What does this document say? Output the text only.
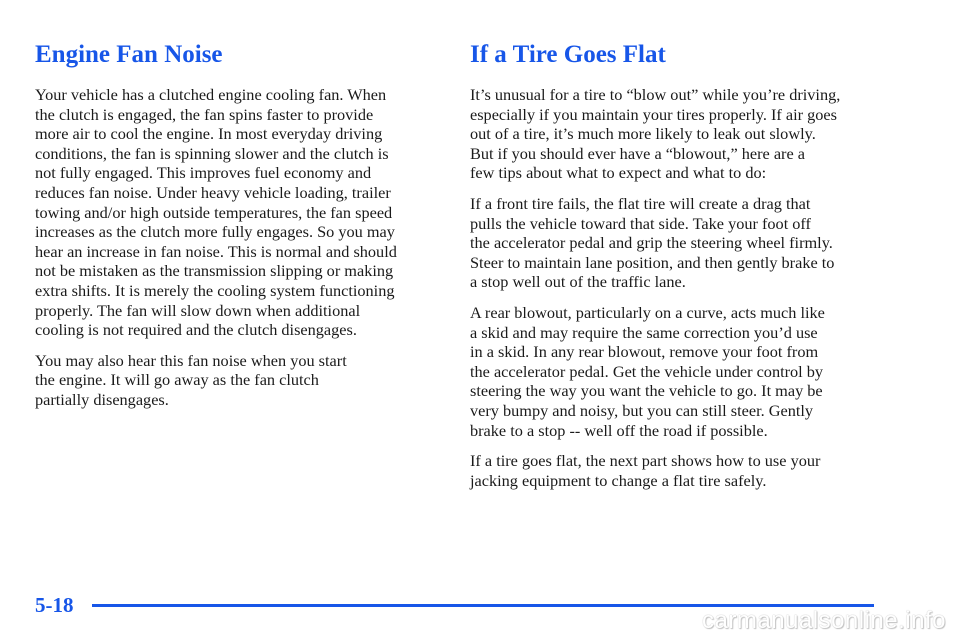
Engine Fan Noise

Your vehicle has a clutched engine cooling fan. When
the clutch is engaged, the fan spins faster to provide
more air to cool the engine. In most everyday driving
conditions, the fan is spinning slower and the clutch is
not fully engaged. This improves fuel economy and
reduces fan noise. Under heavy vehicle loading, trailer
towing and/or high outside temperatures, the fan speed
increases as the clutch more fully engages. So you may
hear an increase in fan noise. This is normal and should
not be mistaken as the transmission slipping or making
extra shifts. It is merely the cooling system functioning
properly. The fan will slow down when additional
cooling is not required and the clutch disengages.

You may also hear this fan noise when you start
the engine. It will go away as the fan clutch
partially disengages.

If a Tire Goes Flat

It’s unusual for a tire to “blow out” while you’re driving,
especially if you maintain your tires properly. If air goes
out of a tire, it’s much more likely to leak out slowly.
But if you should ever have a “blowout,” here are a
few tips about what to expect and what to do:

If a front tire fails, the flat tire will create a drag that
pulls the vehicle toward that side. Take your foot off
the accelerator pedal and grip the steering wheel firmly.
Steer to maintain lane position, and then gently brake to
a stop well out of the traffic lane.

A rear blowout, particularly on a curve, acts much like
a skid and may require the same correction you’d use
in a skid. In any rear blowout, remove your foot from
the accelerator pedal. Get the vehicle under control by
steering the way you want the vehicle to go. It may be
very bumpy and noisy, but you can still steer. Gently
brake to a stop -- well off the road if possible.

If a tire goes flat, the next part shows how to use your
jacking equipment to change a flat tire safely.

5-18
carmanualsonline.info
